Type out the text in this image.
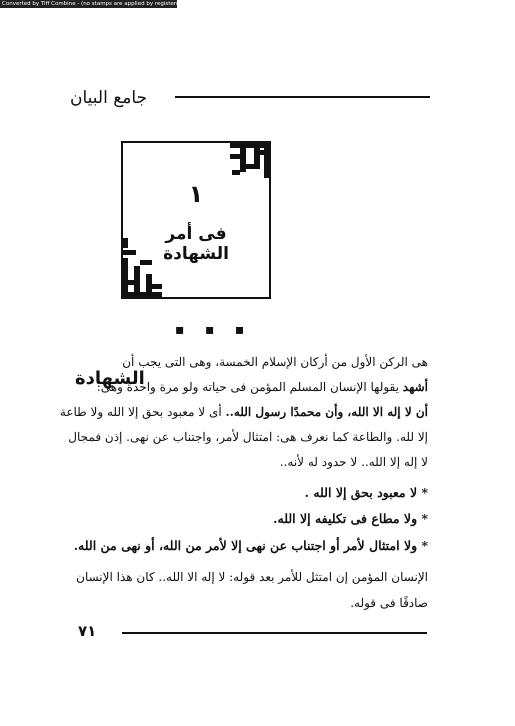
Converted by Tiff Combine - (no stamps are applied by registered version)
جامع البيان
١
فى أمر الشهادة
▪ ▪ ▪
هى الركن الأول من أركان الإسلام الخمسة، وهى التى يجب أن
الشهادة	أشهد يقولها الإنسان المسلم المؤمن فى حياته ولو مرة واحدة وهى:
أن لا إله الا الله، وأن محمدًا رسول الله.. أى لا معبود بحق إلا الله ولا طاعة
إلا لله. والطاعة كما نعرف هى: امتثال لأمر، واجتناب عن نهى. إذن فمجال
لا إله إلا الله.. لا حدود له لأنه..
* لا معبود بحق إلا الله .
* ولا مطاع فى تكليفه إلا الله.
* ولا امتثال لأمر أو اجتناب عن نهى إلا لأمر من الله، أو نهى من الله.
الإنسان المؤمن إن امتثل للأمر بعد قوله: لا إله الا الله.. كان هذا الإنسان
صادقًا فى قوله.
٧١
